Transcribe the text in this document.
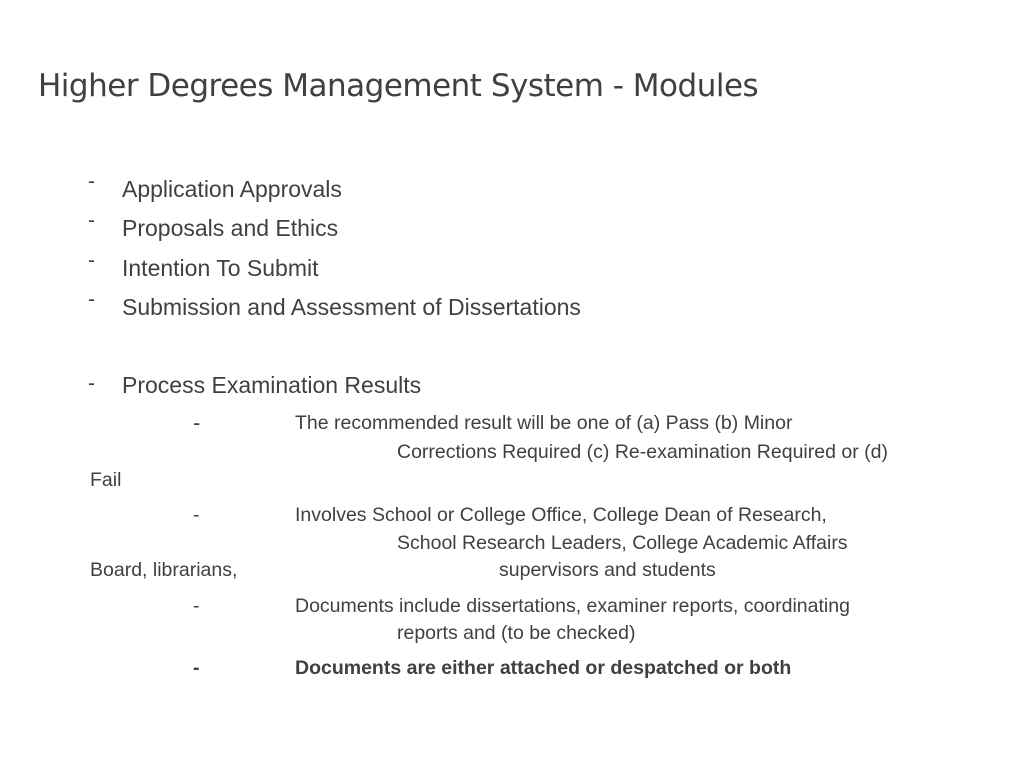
Higher Degrees Management System - Modules
- Application Approvals
- Proposals and Ethics
- Intention To Submit
- Submission and Assessment of Dissertations
- Process Examination Results
-	The recommended result will be one of (a) Pass (b) Minor
Corrections Required (c) Re-examination Required or (d)
Fail
-	Involves School or College Office, College Dean of Research,
School Research Leaders, College Academic Affairs
Board, librarians,	supervisors and students
-	Documents include dissertations, examiner reports, coordinating
reports and (to be checked)
-	Documents are either attached or despatched or both
